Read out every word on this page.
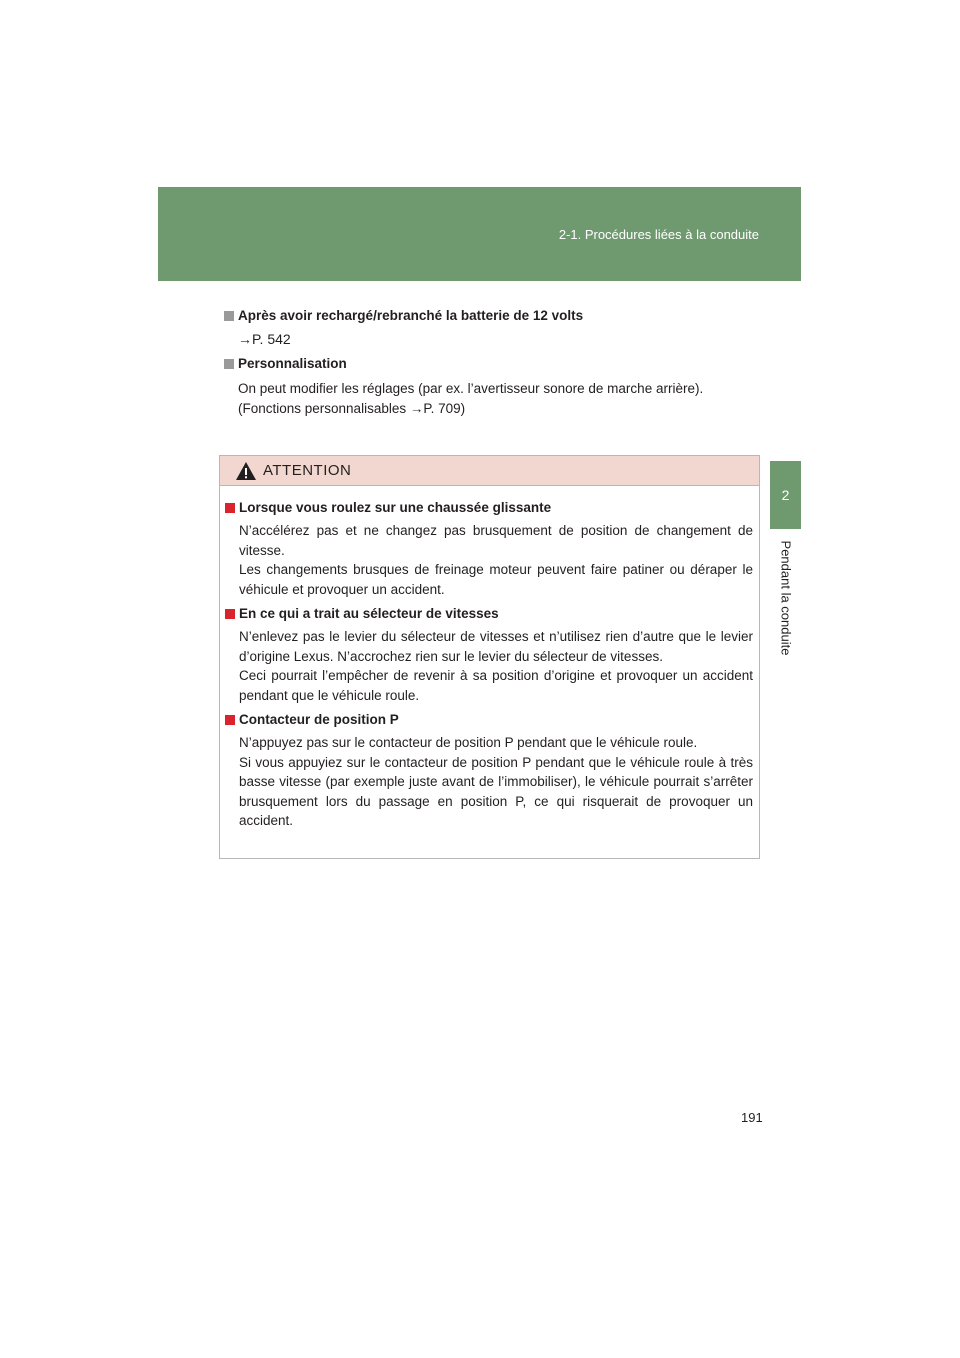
2-1. Procédures liées à la conduite
2
Pendant la conduite
Après avoir rechargé/rebranché la batterie de 12 volts
→P. 542
Personnalisation
On peut modifier les réglages (par ex. l’avertisseur sonore de marche arrière).
(Fonctions personnalisables →P. 709)
ATTENTION
Lorsque vous roulez sur une chaussée glissante

N’accélérez pas et ne changez pas brusquement de position de changement de vitesse.

Les changements brusques de freinage moteur peuvent faire patiner ou déraper le véhicule et provoquer un accident.

En ce qui a trait au sélecteur de vitesses

N’enlevez pas le levier du sélecteur de vitesses et n’utilisez rien d’autre que le levier d’origine Lexus. N’accrochez rien sur le levier du sélecteur de vitesses.

Ceci pourrait l’empêcher de revenir à sa position d’origine et provoquer un accident pendant que le véhicule roule.

Contacteur de position P

N’appuyez pas sur le contacteur de position P pendant que le véhicule roule.

Si vous appuyiez sur le contacteur de position P pendant que le véhicule roule à très basse vitesse (par exemple juste avant de l’immobiliser), le véhicule pourrait s’arrêter brusquement lors du passage en position P, ce qui risquerait de provoquer un accident.

191
